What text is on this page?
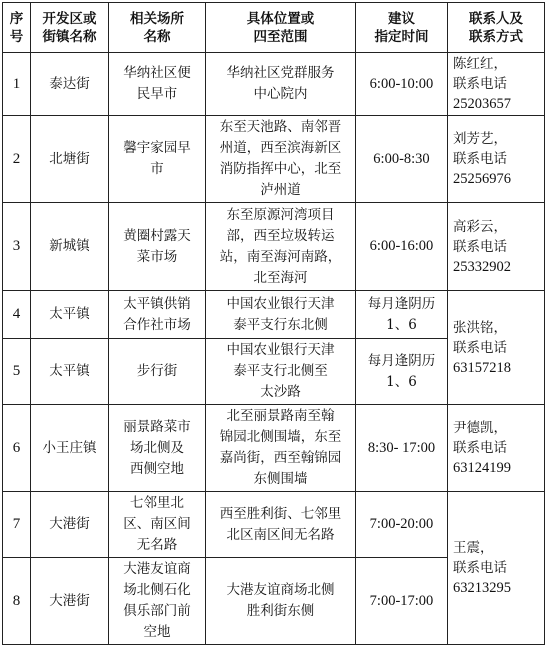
序
号	开发区或
街镇名称	相关场所
名称	具体位置或
四至范围	建议
指定时间	联系人及
联系方式

1	泰达街	华纳社区便
民早市	华纳社区党群服务
中心院内	6:00-10:00	陈红红，
联系电话
25203657

2	北塘街	馨宇家园早
市	东至天池路、南邻晋
州道，西至滨海新区
消防指挥中心，北至
泸州道	6:00-8:30	刘芳艺，
联系电话
25256976

3	新城镇	黄圈村露天
菜市场	东至原源河湾项目
部，西至垃圾转运
站，南至海河南路，
北至海河	6:00-16:00	高彩云，
联系电话
25332902

4	太平镇	太平镇供销
合作社市场	中国农业银行天津
泰平支行东北侧	每月逢阴历
1、6	张洪铭，
联系电话
63157218

5	太平镇	步行街	中国农业银行天津
泰平支行北侧至
太沙路	每月逢阴历
1、6	

6	小王庄镇	丽景路菜市
场北侧及
西侧空地	北至丽景路南至翰
锦园北侧围墙，东至
嘉尚街，西至翰锦园
东侧围墙	8:30- 17:00	尹德凯，
联系电话
63124199

7	大港街	七邻里北
区、南区间
无名路	西至胜利街、七邻里
北区南区间无名路	7:00-20:00	王震，
联系电话
63213295

8	大港街	大港友谊商
场北侧石化
俱乐部门前
空地	大港友谊商场北侧
胜利街东侧	7:00-17:00	
